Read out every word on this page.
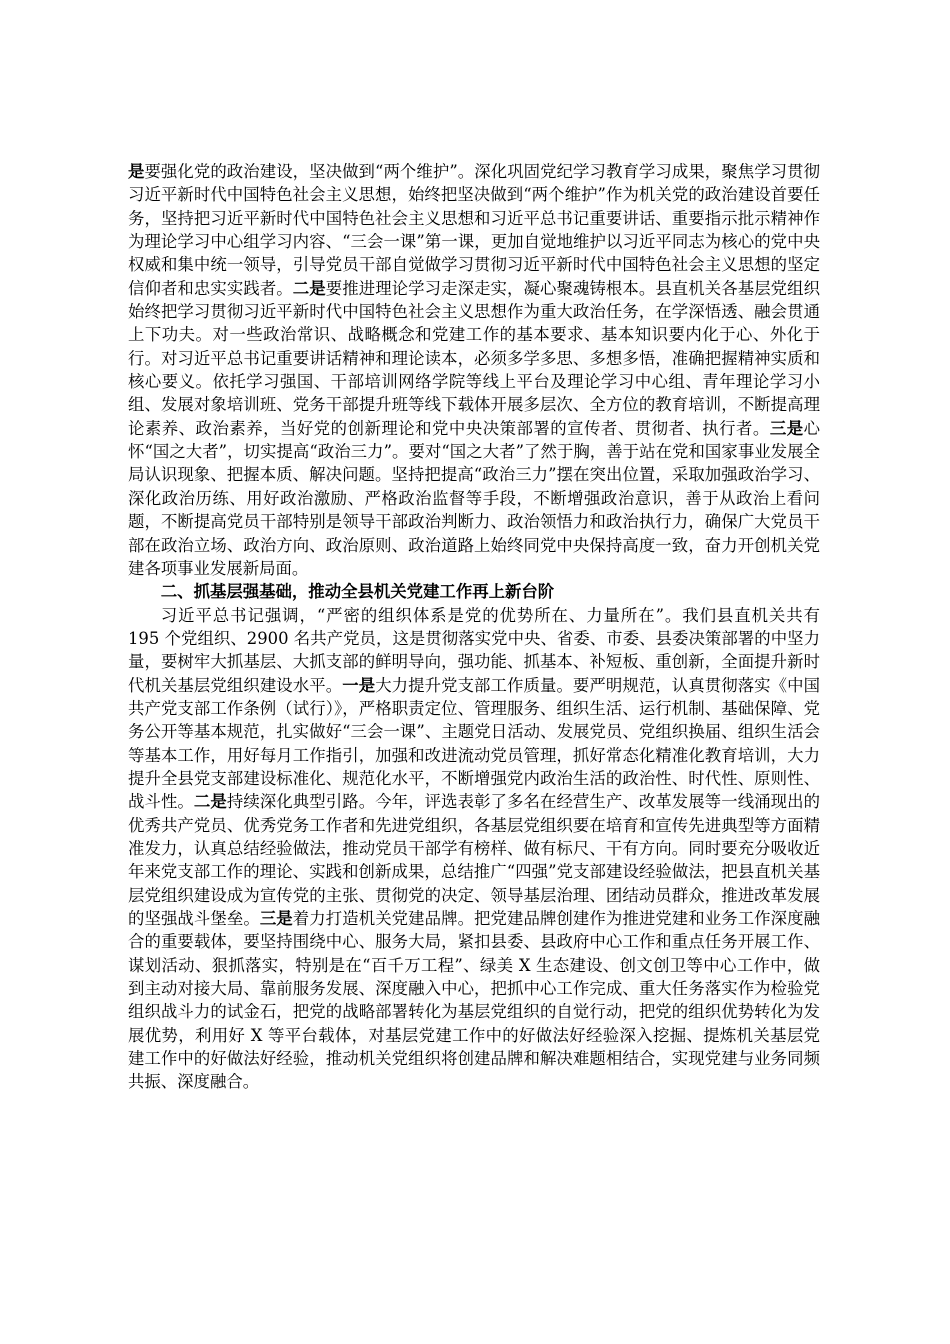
是要强化党的政治建设，坚决做到“两个维护”。深化巩固党纪学习教育学习成果，聚焦学习贯彻习近平新时代中国特色社会主义思想，始终把坚决做到“两个维护”作为机关党的政治建设首要任务，坚持把习近平新时代中国特色社会主义思想和习近平总书记重要讲话、重要指示批示精神作为理论学习中心组学习内容、“三会一课”第一课，更加自觉地维护以习近平同志为核心的党中央权威和集中统一领导，引导党员干部自觉做学习贯彻习近平新时代中国特色社会主义思想的坚定信仰者和忠实实践者。二是要推进理论学习走深走实，凝心聚魂铸根本。县直机关各基层党组织始终把学习贯彻习近平新时代中国特色社会主义思想作为重大政治任务，在学深悟透、融会贯通上下功夫。对一些政治常识、战略概念和党建工作的基本要求、基本知识要内化于心、外化于行。对习近平总书记重要讲话精神和理论读本，必须多学多思、多想多悟，准确把握精神实质和核心要义。依托学习强国、干部培训网络学院等线上平台及理论学习中心组、青年理论学习小组、发展对象培训班、党务干部提升班等线下载体开展多层次、全方位的教育培训，不断提高理论素养、政治素养，当好党的创新理论和党中央决策部署的宣传者、贯彻者、执行者。三是心怀“国之大者”，切实提高“政治三力”。要对“国之大者”了然于胸，善于站在党和国家事业发展全局认识现象、把握本质、解决问题。坚持把提高“政治三力”摆在突出位置，采取加强政治学习、深化政治历练、用好政治激励、严格政治监督等手段，不断增强政治意识，善于从政治上看问题，不断提高党员干部特别是领导干部政治判断力、政治领悟力和政治执行力，确保广大党员干部在政治立场、政治方向、政治原则、政治道路上始终同党中央保持高度一致，奋力开创机关党建各项事业发展新局面。

二、抓基层强基础，推动全县机关党建工作再上新台阶

习近平总书记强调，“严密的组织体系是党的优势所在、力量所在”。我们县直机关共有 195 个党组织、2900 名共产党员，这是贯彻落实党中央、省委、市委、县委决策部署的中坚力量，要树牢大抓基层、大抓支部的鲜明导向，强功能、抓基本、补短板、重创新，全面提升新时代机关基层党组织建设水平。一是大力提升党支部工作质量。要严明规范，认真贯彻落实《中国共产党支部工作条例（试行）》，严格职责定位、管理服务、组织生活、运行机制、基础保障、党务公开等基本规范，扎实做好“三会一课”、主题党日活动、发展党员、党组织换届、组织生活会等基本工作，用好每月工作指引，加强和改进流动党员管理，抓好常态化精准化教育培训，大力提升全县党支部建设标准化、规范化水平，不断增强党内政治生活的政治性、时代性、原则性、战斗性。二是持续深化典型引路。今年，评选表彰了多名在经营生产、改革发展等一线涌现出的优秀共产党员、优秀党务工作者和先进党组织，各基层党组织要在培育和宣传先进典型等方面精准发力，认真总结经验做法，推动党员干部学有榜样、做有标尺、干有方向。同时要充分吸收近年来党支部工作的理论、实践和创新成果，总结推广“四强”党支部建设经验做法，把县直机关基层党组织建设成为宣传党的主张、贯彻党的决定、领导基层治理、团结动员群众，推进改革发展的坚强战斗堡垒。三是着力打造机关党建品牌。把党建品牌创建作为推进党建和业务工作深度融合的重要载体，要坚持围绕中心、服务大局，紧扣县委、县政府中心工作和重点任务开展工作、谋划活动、狠抓落实，特别是在“百千万工程”、绿美 X 生态建设、创文创卫等中心工作中，做到主动对接大局、靠前服务发展、深度融入中心，把抓中心工作完成、重大任务落实作为检验党组织战斗力的试金石，把党的战略部署转化为基层党组织的自觉行动，把党的组织优势转化为发展优势，利用好 X 等平台载体，对基层党建工作中的好做法好经验深入挖掘、提炼机关基层党建工作中的好做法好经验，推动机关党组织将创建品牌和解决难题相结合，实现党建与业务同频共振、深度融合。
